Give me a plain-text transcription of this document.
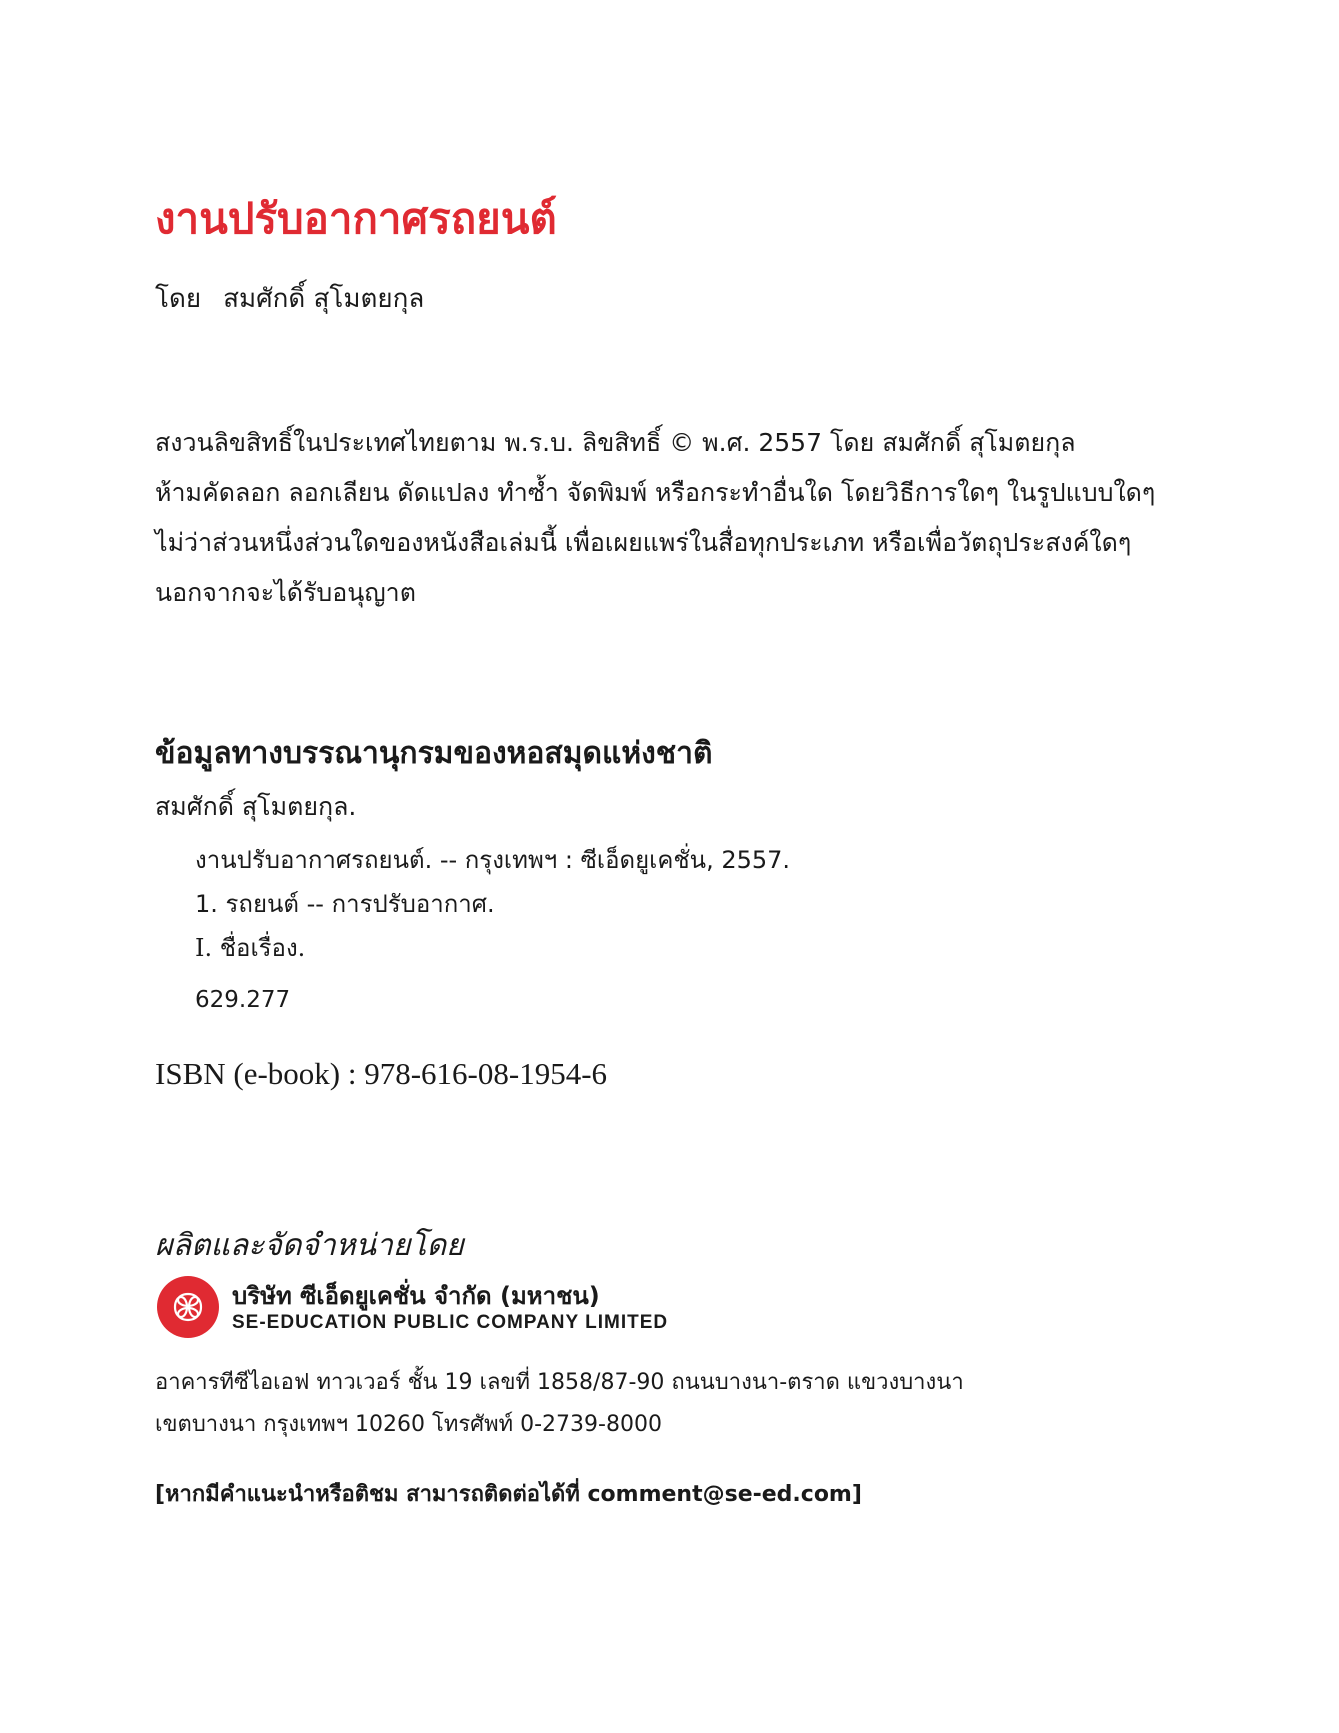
งานปรับอากาศรถยนต์
โดย สมศักดิ์ สุโมตยกุล
สงวนลิขสิทธิ์ในประเทศไทยตาม พ.ร.บ. ลิขสิทธิ์ © พ.ศ. 2557 โดย สมศักดิ์ สุโมตยกุล
ห้ามคัดลอก ลอกเลียน ดัดแปลง ทำซ้ำ จัดพิมพ์ หรือกระทำอื่นใด โดยวิธีการใดๆ ในรูปแบบใดๆ
ไม่ว่าส่วนหนึ่งส่วนใดของหนังสือเล่มนี้ เพื่อเผยแพร่ในสื่อทุกประเภท หรือเพื่อวัตถุประสงค์ใดๆ
นอกจากจะได้รับอนุญาต
ข้อมูลทางบรรณานุกรมของหอสมุดแห่งชาติ
สมศักดิ์ สุโมตยกุล.
งานปรับอากาศรถยนต์. -- กรุงเทพฯ : ซีเอ็ดยูเคชั่น, 2557.
1. รถยนต์ -- การปรับอากาศ.
I. ชื่อเรื่อง.
629.277
ISBN (e-book) : 978-616-08-1954-6
ผลิตและจัดจำหน่ายโดย
บริษัท ซีเอ็ดยูเคชั่น จำกัด (มหาชน)
SE-EDUCATION PUBLIC COMPANY LIMITED
อาคารทีซีไอเอฟ ทาวเวอร์ ชั้น 19 เลขที่ 1858/87-90 ถนนบางนา-ตราด แขวงบางนา
เขตบางนา กรุงเทพฯ 10260 โทรศัพท์ 0-2739-8000
[หากมีคำแนะนำหรือติชม สามารถติดต่อได้ที่ comment@se-ed.com]
